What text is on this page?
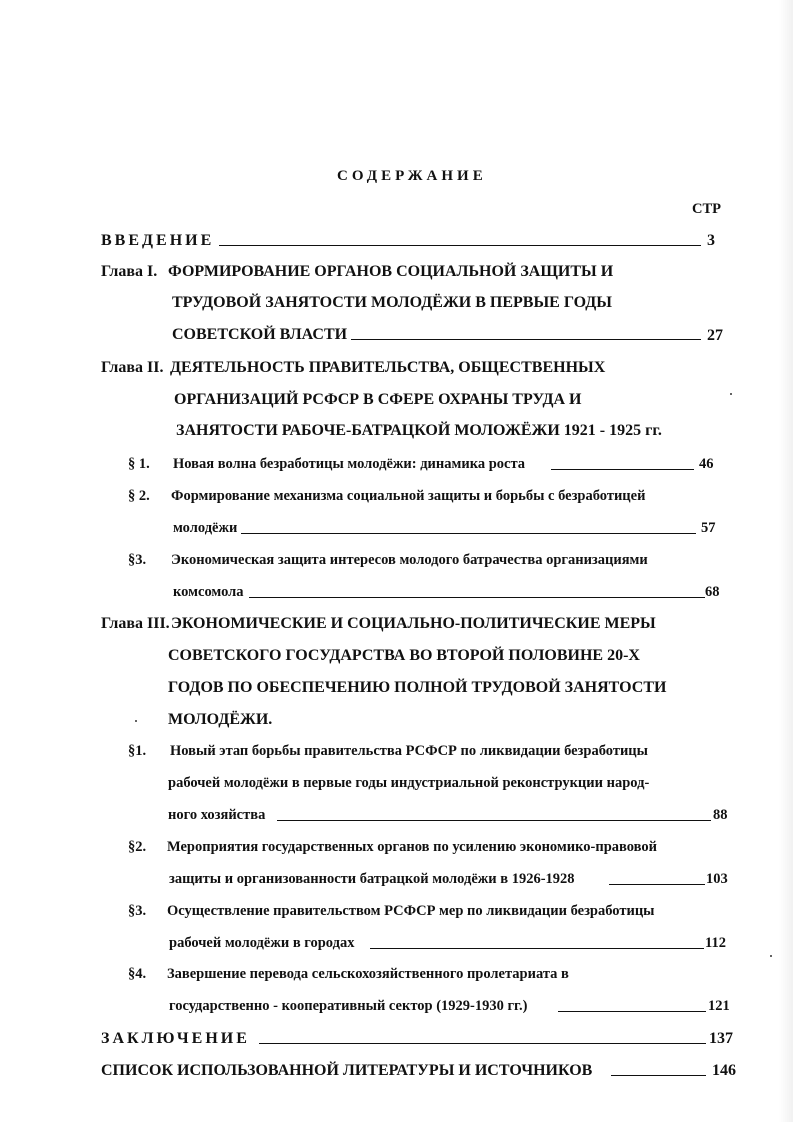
СОДЕРЖАНИЕ
СТР
ВВЕДЕНИЕ	3
Глава I. ФОРМИРОВАНИЕ ОРГАНОВ СОЦИАЛЬНОЙ ЗАЩИТЫ И
ТРУДОВОЙ ЗАНЯТОСТИ МОЛОДЁЖИ В ПЕРВЫЕ ГОДЫ
СОВЕТСКОЙ ВЛАСТИ	27
Глава II. ДЕЯТЕЛЬНОСТЬ ПРАВИТЕЛЬСТВА, ОБЩЕСТВЕННЫХ
ОРГАНИЗАЦИЙ РСФСР В СФЕРЕ ОХРАНЫ ТРУДА И
ЗАНЯТОСТИ РАБОЧЕ-БАТРАЦКОЙ МОЛОЖЁЖИ 1921 - 1925 гг.
§ 1. Новая волна безработицы молодёжи: динамика роста	46
§ 2. Формирование механизма социальной защиты и борьбы с безработицей
молодёжи	57
§3. Экономическая защита интересов молодого батрачества организациями
комсомола	68
Глава III. ЭКОНОМИЧЕСКИЕ И СОЦИАЛЬНО-ПОЛИТИЧЕСКИЕ МЕРЫ
СОВЕТСКОГО ГОСУДАРСТВА ВО ВТОРОЙ ПОЛОВИНЕ 20-Х
ГОДОВ ПО ОБЕСПЕЧЕНИЮ ПОЛНОЙ ТРУДОВОЙ ЗАНЯТОСТИ
МОЛОДЁЖИ.
§1. Новый этап борьбы правительства РСФСР по ликвидации безработицы
рабочей молодёжи в первые годы индустриальной реконструкции народ-
ного хозяйства	88
§2. Мероприятия государственных органов по усилению экономико-правовой
защиты и организованности батрацкой молодёжи в 1926-1928	103
§3. Осуществление правительством РСФСР мер по ликвидации безработицы
рабочей молодёжи в городах	112
§4. Завершение перевода сельскохозяйственного пролетариата в
государственно - кооперативный сектор (1929-1930 гг.)	121
ЗАКЛЮЧЕНИЕ	137
СПИСОК ИСПОЛЬЗОВАННОЙ ЛИТЕРАТУРЫ И ИСТОЧНИКОВ	146
